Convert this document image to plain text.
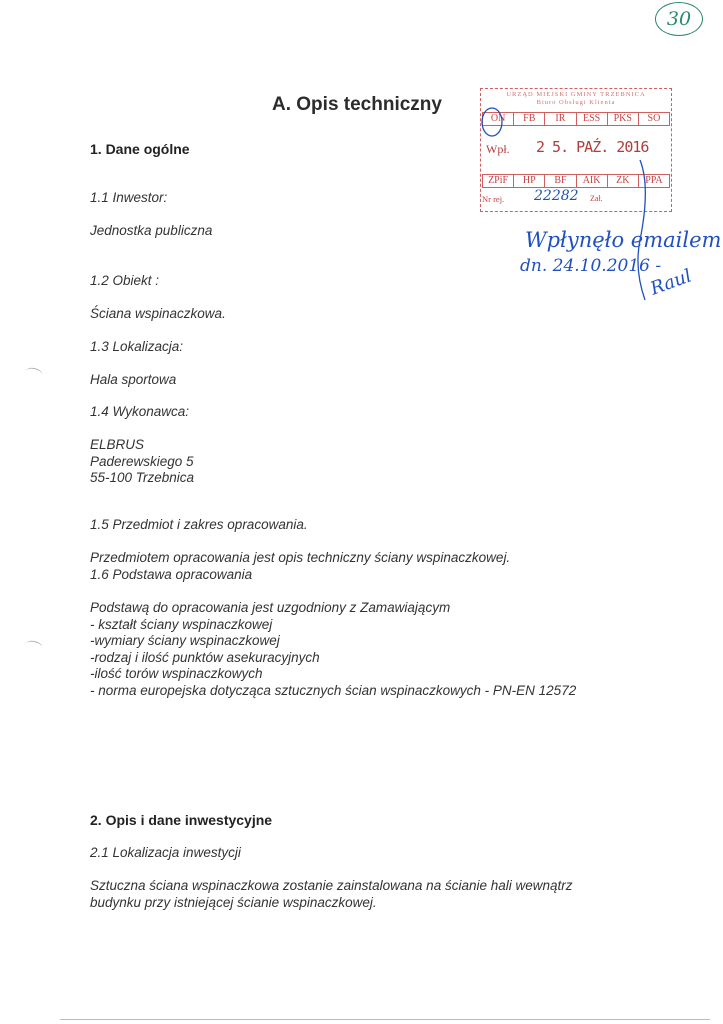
30
A. Opis techniczny	URZĄD MIEJSKI GMINY TRZEBNICA
Biuro Obsługi Klienta
ON	FB	IR	ESS	PKS	SO
Wpł. 2 5. PAŹ. 2016
ZPiF	HP	BF	AIK	ZK	PPA
Nr rej. 22282 Zał.
Wpłynęło emailem
dn. 24.10.2016 -
Raul
1. Dane ogólne
1.1 Inwestor:
Jednostka publiczna
1.2 Obiekt :
Ściana wspinaczkowa.
1.3 Lokalizacja:
Hala sportowa
1.4 Wykonawca:
ELBRUS
Paderewskiego 5
55-100 Trzebnica
1.5 Przedmiot i zakres opracowania.
Przedmiotem opracowania jest opis techniczny ściany wspinaczkowej.
1.6 Podstawa opracowania
Podstawą do opracowania jest uzgodniony z Zamawiającym
- kształt ściany wspinaczkowej
-wymiary ściany wspinaczkowej
-rodzaj i ilość punktów asekuracyjnych
-ilość torów wspinaczkowych
- norma europejska dotycząca sztucznych ścian wspinaczkowych - PN-EN 12572
2. Opis i dane inwestycyjne
2.1 Lokalizacja inwestycji
Sztuczna ściana wspinaczkowa zostanie zainstalowana na ścianie hali wewnątrz
budynku przy istniejącej ścianie wspinaczkowej.
